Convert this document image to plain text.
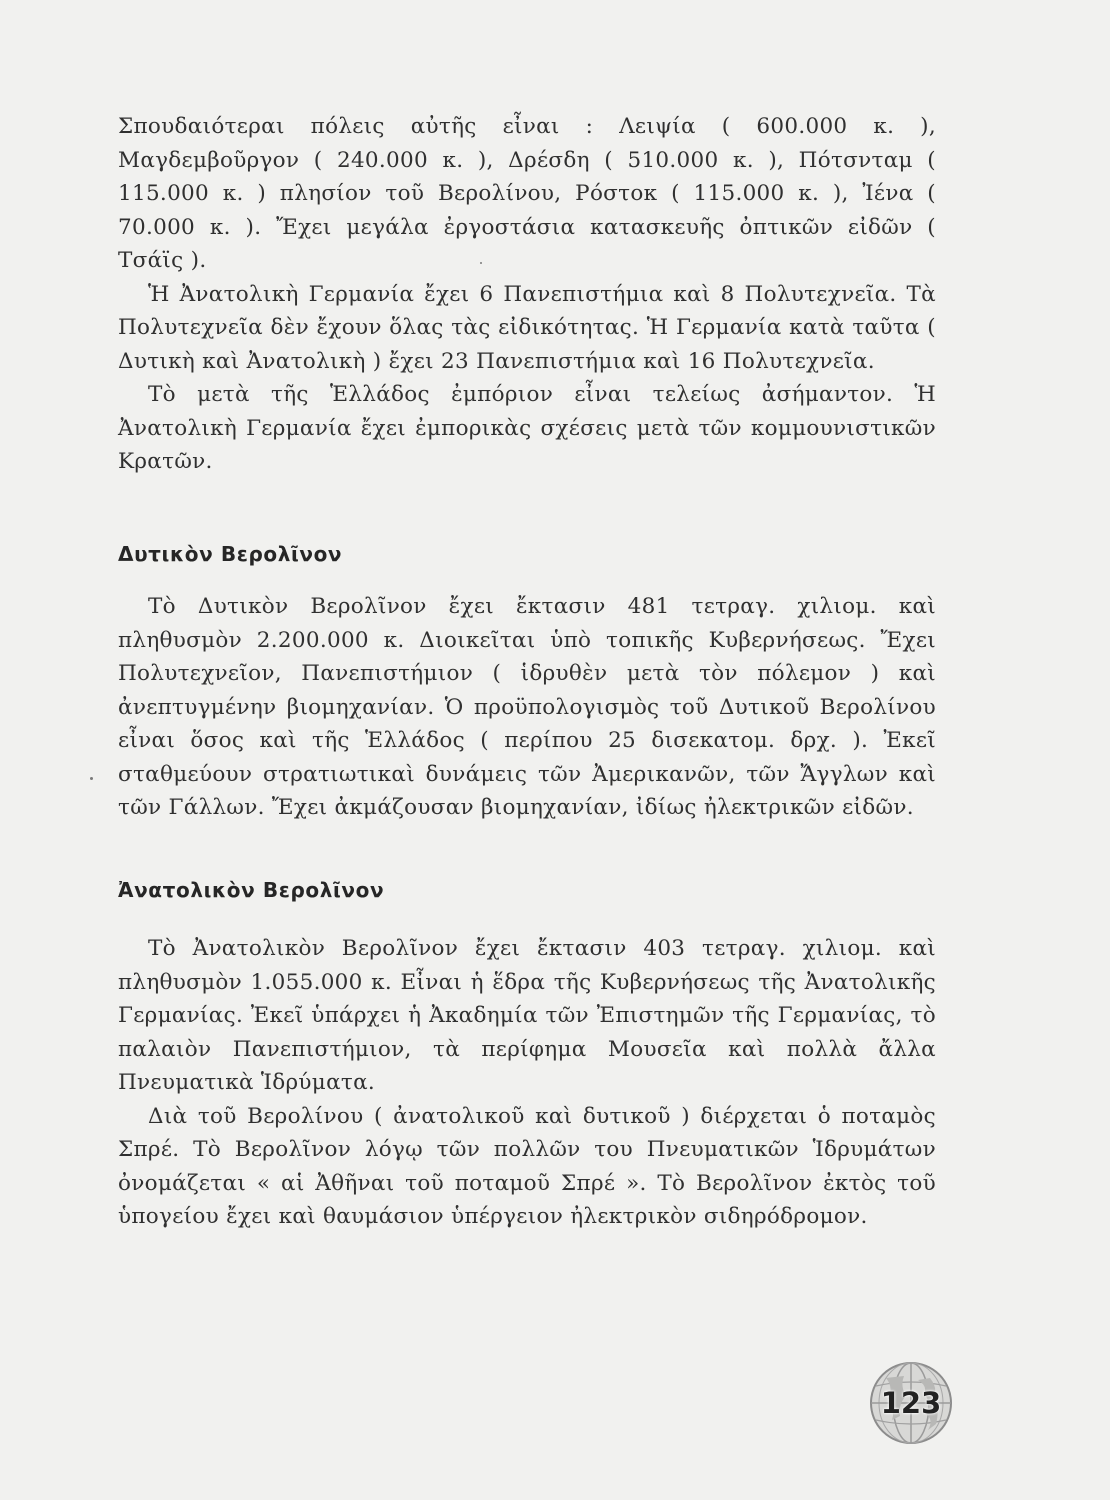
Σπουδαιότεραι πόλεις αὐτῆς εἶναι : Λειψία ( 600.000 κ. ), Μαγδεμβοῦργον ( 240.000 κ. ), Δρέσδη ( 510.000 κ. ), Πότσνταμ ( 115.000 κ. ) πλησίον τοῦ Βερολίνου, Ρόστοκ ( 115.000 κ. ), Ἰένα ( 70.000 κ. ). Ἔχει μεγάλα ἐργοστάσια κατασκευῆς ὀπτικῶν εἰδῶν ( Τσάϊς ).

Ἡ Ἀνατολικὴ Γερμανία ἔχει 6 Πανεπιστήμια καὶ 8 Πολυτεχνεῖα. Τὰ Πολυτεχνεῖα δὲν ἔχουν ὅλας τὰς εἰδικότητας. Ἡ Γερμανία κατὰ ταῦτα ( Δυτικὴ καὶ Ἀνατολικὴ ) ἔχει 23 Πανεπιστήμια καὶ 16 Πολυτεχνεῖα.

Τὸ μετὰ τῆς Ἑλλάδος ἐμπόριον εἶναι τελείως ἀσήμαντον. Ἡ Ἀνατολικὴ Γερμανία ἔχει ἐμπορικὰς σχέσεις μετὰ τῶν κομμουνιστικῶν Κρατῶν.

Δυτικὸν Βερολῖνον

Τὸ Δυτικὸν Βερολῖνον ἔχει ἔκτασιν 481 τετραγ. χιλιομ. καὶ πληθυσμὸν 2.200.000 κ. Διοικεῖται ὑπὸ τοπικῆς Κυβερνήσεως. Ἔχει Πολυτεχνεῖον, Πανεπιστήμιον ( ἱδρυθὲν μετὰ τὸν πόλεμον ) καὶ ἀνεπτυγμένην βιομηχανίαν. Ὁ προϋπολογισμὸς τοῦ Δυτικοῦ Βερολίνου εἶναι ὅσος καὶ τῆς Ἑλλάδος ( περίπου 25 δισεκατομ. δρχ. ). Ἐκεῖ σταθμεύουν στρατιωτικαὶ δυνάμεις τῶν Ἀμερικανῶν, τῶν Ἄγγλων καὶ τῶν Γάλλων. Ἔχει ἀκμάζουσαν βιομηχανίαν, ἰδίως ἠλεκτρικῶν εἰδῶν.

Ἀνατολικὸν Βερολῖνον

Τὸ Ἀνατολικὸν Βερολῖνον ἔχει ἔκτασιν 403 τετραγ. χιλιομ. καὶ πληθυσμὸν 1.055.000 κ. Εἶναι ἡ ἕδρα τῆς Κυβερνήσεως τῆς Ἀνατολικῆς Γερμανίας. Ἐκεῖ ὑπάρχει ἡ Ἀκαδημία τῶν Ἐπιστημῶν τῆς Γερμανίας, τὸ παλαιὸν Πανεπιστήμιον, τὰ περίφημα Μουσεῖα καὶ πολλὰ ἄλλα Πνευματικὰ Ἱδρύματα.

Διὰ τοῦ Βερολίνου ( ἀνατολικοῦ καὶ δυτικοῦ ) διέρχεται ὁ ποταμὸς Σπρέ. Τὸ Βερολῖνον λόγῳ τῶν πολλῶν του Πνευματικῶν Ἱδρυμάτων ὀνομάζεται « αἱ Ἀθῆναι τοῦ ποταμοῦ Σπρέ ». Τὸ Βερολῖνον ἐκτὸς τοῦ ὑπογείου ἔχει καὶ θαυμάσιον ὑπέργειον ἠλεκτρικὸν σιδηρόδρομον.

123
